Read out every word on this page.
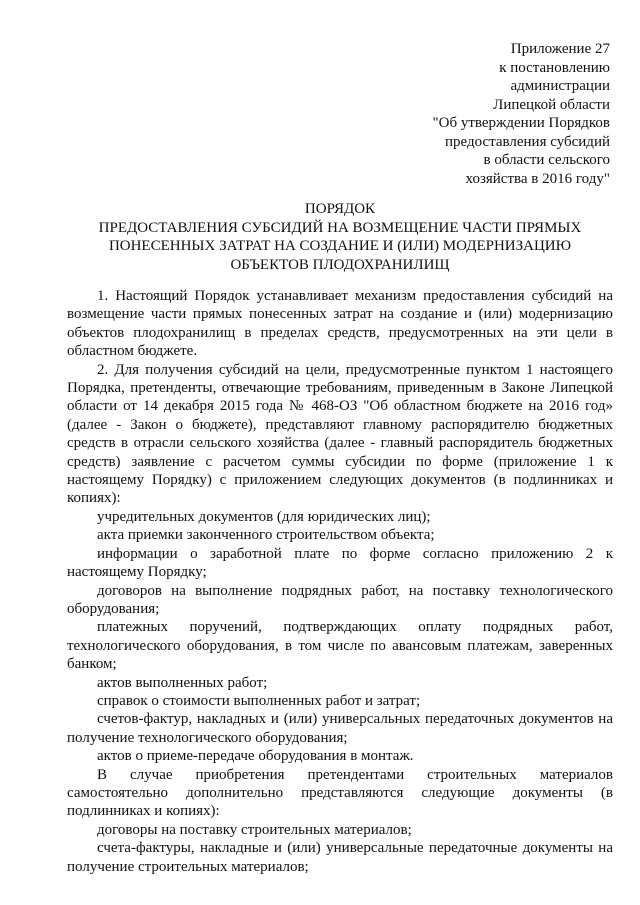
Приложение 27
к постановлению
администрации
Липецкой области
"Об утверждении Порядков
предоставления субсидий
в области сельского
хозяйства в 2016 году"
ПОРЯДОК
ПРЕДОСТАВЛЕНИЯ СУБСИДИЙ НА ВОЗМЕЩЕНИЕ ЧАСТИ ПРЯМЫХ
ПОНЕСЕННЫХ ЗАТРАТ НА СОЗДАНИЕ И (ИЛИ) МОДЕРНИЗАЦИЮ
ОБЪЕКТОВ ПЛОДОХРАНИЛИЩ

1. Настоящий Порядок устанавливает механизм предоставления субсидий на возмещение части прямых понесенных затрат на создание и (или) модернизацию объектов плодохранилищ в пределах средств, предусмотренных на эти цели в областном бюджете.

2. Для получения субсидий на цели, предусмотренные пунктом 1 настоящего Порядка, претенденты, отвечающие требованиям, приведенным в Законе Липецкой области от 14 декабря 2015 года № 468-ОЗ "Об областном бюджете на 2016 год» (далее - Закон о бюджете), представляют главному распорядителю бюджетных средств в отрасли сельского хозяйства (далее - главный распорядитель бюджетных средств) заявление с расчетом суммы субсидии по форме (приложение 1 к настоящему Порядку) с приложением следующих документов (в подлинниках и копиях):

учредительных документов (для юридических лиц);

акта приемки законченного строительством объекта;

информации о заработной плате по форме согласно приложению 2 к настоящему Порядку;

договоров на выполнение подрядных работ, на поставку технологического оборудования;

платежных поручений, подтверждающих оплату подрядных работ, технологического оборудования, в том числе по авансовым платежам, заверенных банком;

актов выполненных работ;

справок о стоимости выполненных работ и затрат;

счетов-фактур, накладных и (или) универсальных передаточных документов на получение технологического оборудования;

актов о приеме-передаче оборудования в монтаж.

В случае приобретения претендентами строительных материалов самостоятельно дополнительно представляются следующие документы (в подлинниках и копиях):

договоры на поставку строительных материалов;

счета-фактуры, накладные и (или) универсальные передаточные документы на получение строительных материалов;
